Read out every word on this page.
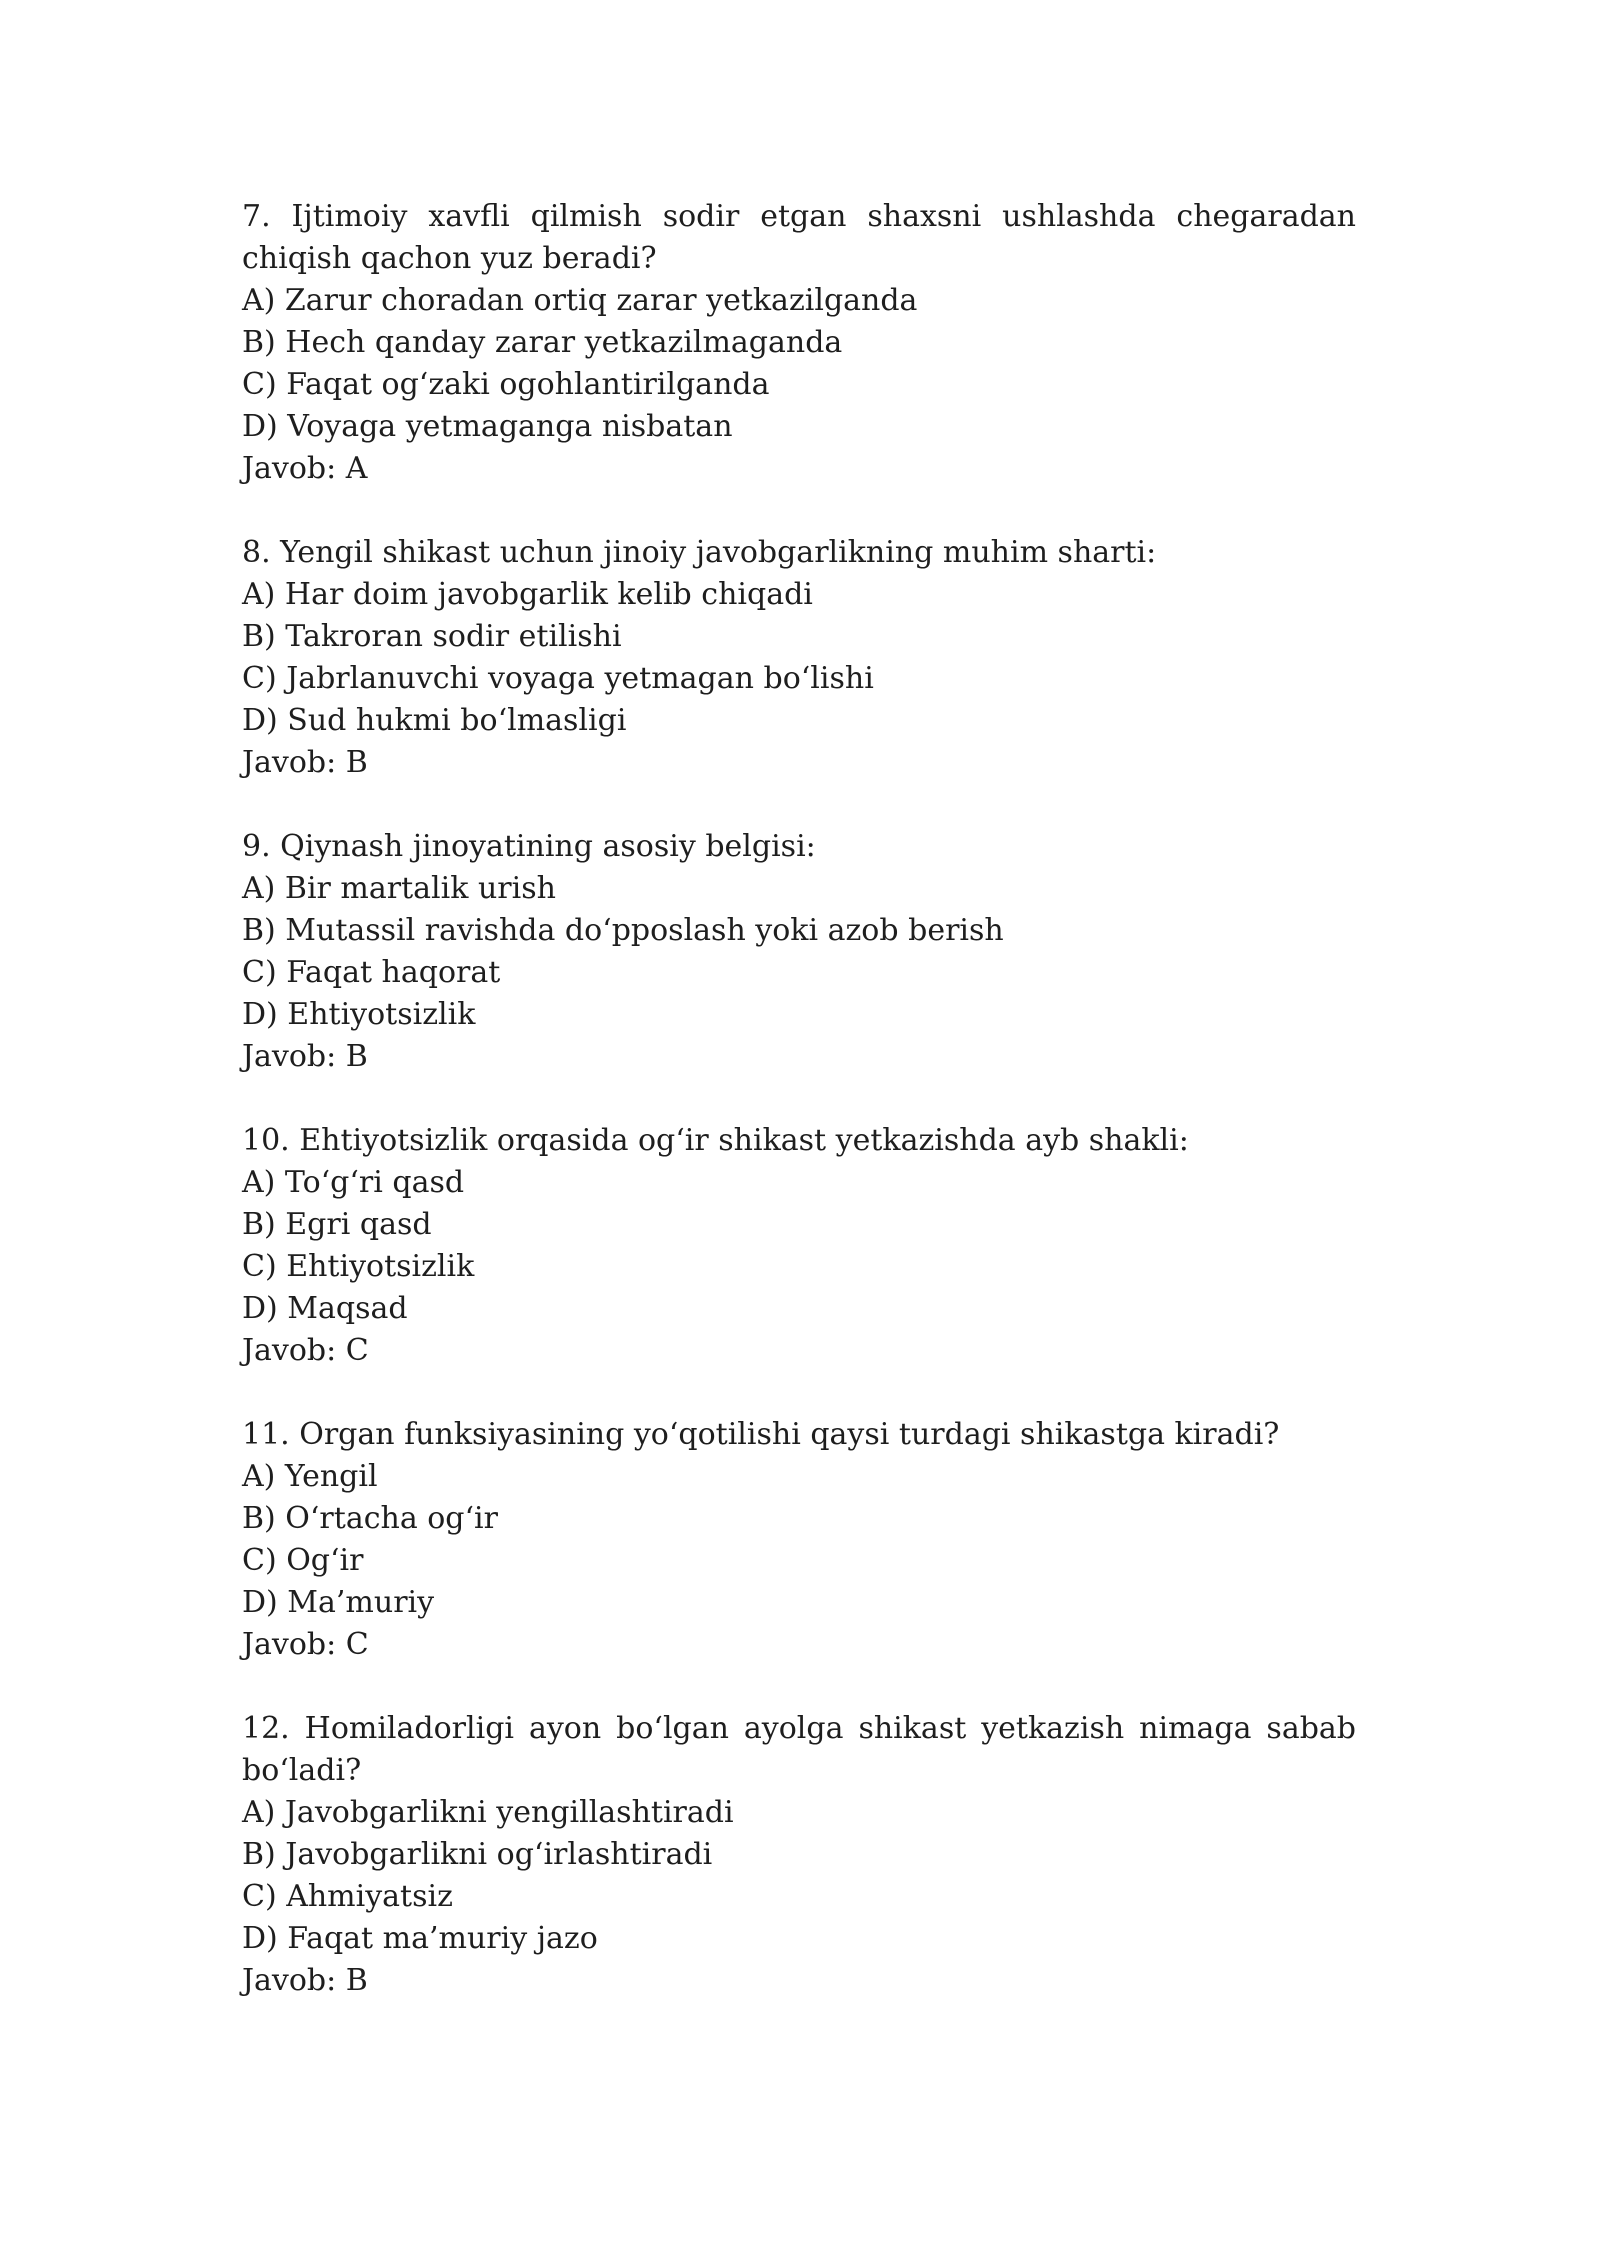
7. Ijtimoiy xavfli qilmish sodir etgan shaxsni ushlashda chegaradan chiqish qachon yuz beradi?

A) Zarur choradan ortiq zarar yetkazilganda

B) Hech qanday zarar yetkazilmaganda

C) Faqat og‘zaki ogohlantirilganda

D) Voyaga yetmaganga nisbatan

Javob: A

8. Yengil shikast uchun jinoiy javobgarlikning muhim sharti:

A) Har doim javobgarlik kelib chiqadi

B) Takroran sodir etilishi

C) Jabrlanuvchi voyaga yetmagan bo‘lishi

D) Sud hukmi bo‘lmasligi

Javob: B

9. Qiynash jinoyatining asosiy belgisi:

A) Bir martalik urish

B) Mutassil ravishda do‘pposlash yoki azob berish

C) Faqat haqorat

D) Ehtiyotsizlik

Javob: B

10. Ehtiyotsizlik orqasida og‘ir shikast yetkazishda ayb shakli:

A) To‘g‘ri qasd

B) Egri qasd

C) Ehtiyotsizlik

D) Maqsad

Javob: C

11. Organ funksiyasining yo‘qotilishi qaysi turdagi shikastga kiradi?

A) Yengil

B) O‘rtacha og‘ir

C) Og‘ir

D) Ma’muriy

Javob: C

12. Homiladorligi ayon bo‘lgan ayolga shikast yetkazish nimaga sabab bo‘ladi?

A) Javobgarlikni yengillashtiradi

B) Javobgarlikni og‘irlashtiradi

C) Ahmiyatsiz

D) Faqat ma’muriy jazo

Javob: B
